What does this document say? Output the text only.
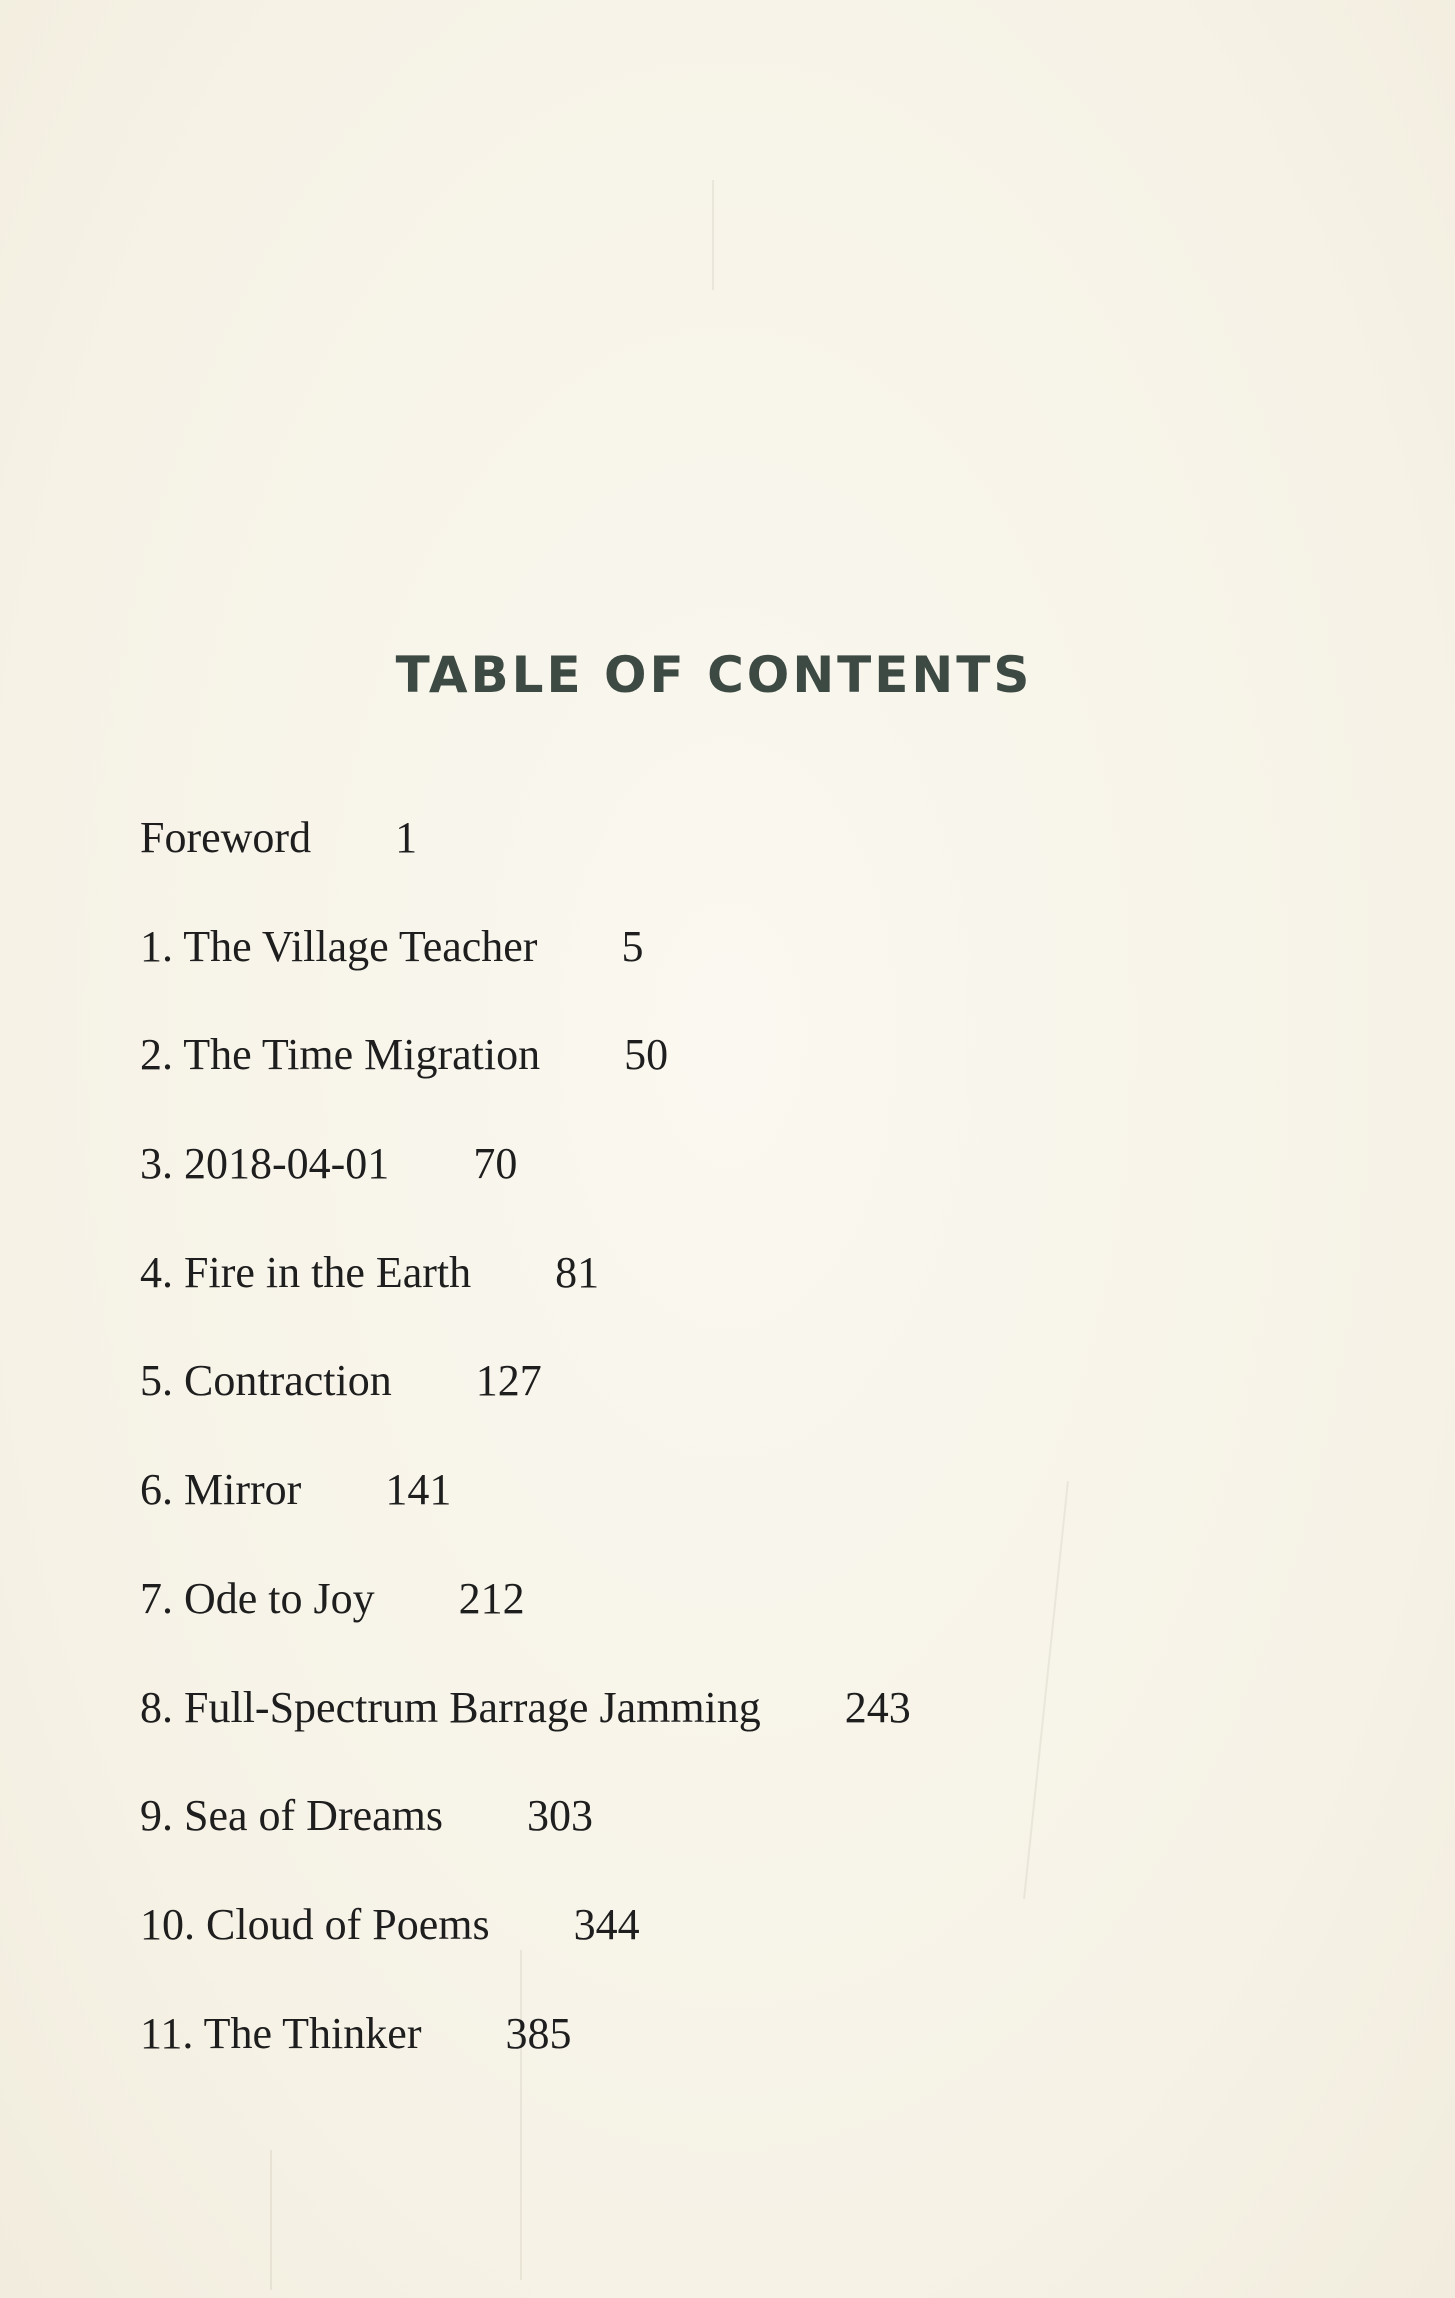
TABLE OF CONTENTS
Foreword 1
1. The Village Teacher 5
2. The Time Migration 50
3. 2018-04-01 70
4. Fire in the Earth 81
5. Contraction 127
6. Mirror 141
7. Ode to Joy 212
8. Full-Spectrum Barrage Jamming 243
9. Sea of Dreams 303
10. Cloud of Poems 344
11. The Thinker 385
